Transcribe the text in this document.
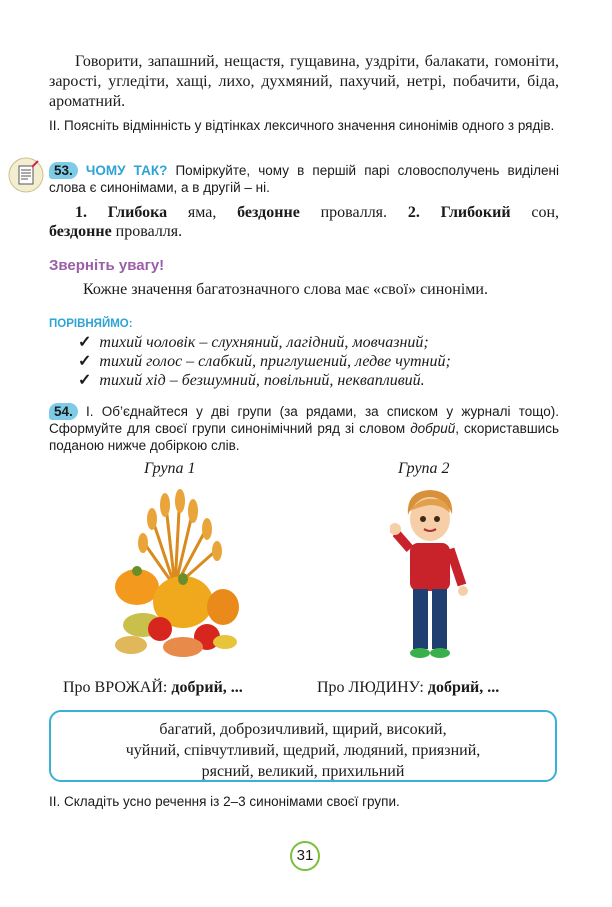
Говорити, запашний, нещастя, гущавина, уздріти, балакати, гомоніти, зарості, угледіти, хащі, лихо, духмяний, пахучий, нетрі, побачити, біда, ароматний.
II. Поясніть відмінність у відтінках лексичного значення синонімів одного з рядів.
53. ЧОМУ ТАК? Поміркуйте, чому в першій парі словосполучень виділені слова є синонімами, а в другій – ні.
1. Глибока яма, бездонне провалля. 2. Глибокий сон,
бездонне провалля.
Зверніть увагу!
Кожне значення багатозначного слова має «свої» синоніми.
ПОРІВНЯЙМО:
✓ тихий чоловік – слухняний, лагідний, мовчазний;
✓ тихий голос – слабкий, приглушений, ледве чутний;
✓ тихий хід – безшумний, повільний, неквапливий.
54. I. Об’єднайтеся у дві групи (за рядами, за списком у журналі тощо). Сформуйте для своєї групи синонімічний ряд зі словом добрий, скориставшись поданою нижче добіркою слів.
Група 1	Група 2
Про ВРОЖАЙ: добрий, ...	Про ЛЮДИНУ: добрий, ...
багатий, доброзичливий, щирий, високий,
чуйний, співчутливий, щедрий, людяний, приязний,
рясний, великий, прихильний
II. Складіть усно речення із 2–3 синонімами своєї групи.
31
